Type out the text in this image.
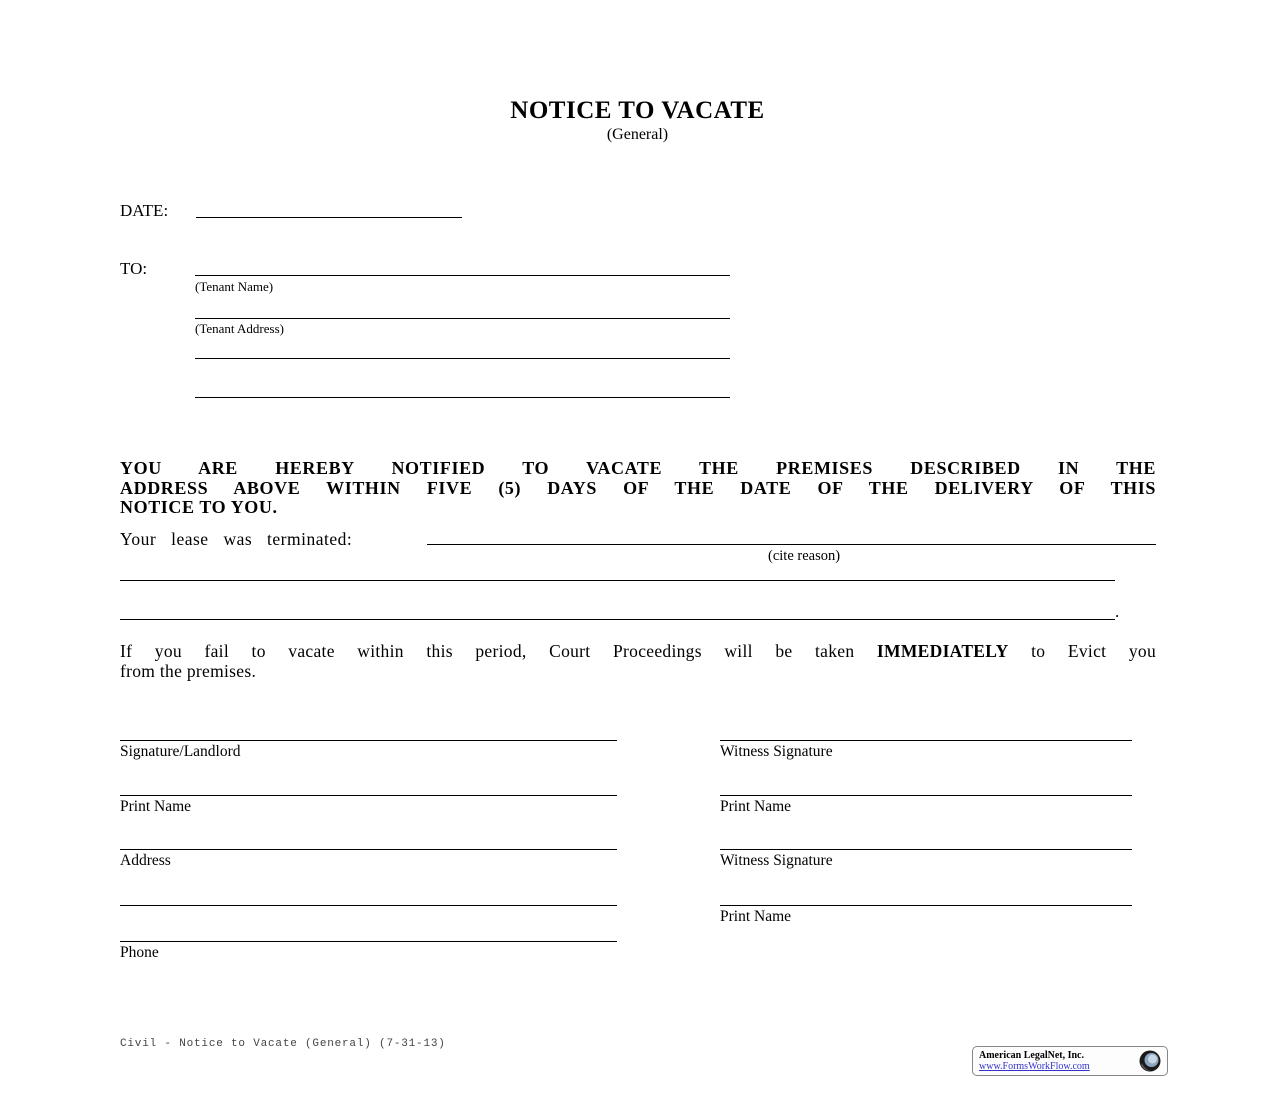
NOTICE TO VACATE
(General)
DATE:
TO:
(Tenant Name)
(Tenant Address)
YOU ARE HEREBY NOTIFIED TO VACATE THE PREMISES DESCRIBED IN THE
ADDRESS ABOVE WITHIN FIVE (5) DAYS OF THE DATE OF THE DELIVERY OF THIS
NOTICE TO YOU.
Your lease was terminated:
(cite reason)
.
If you fail to vacate within this period, Court Proceedings will be taken IMMEDIATELY to Evict you
from the premises.
Signature/Landlord
Print Name
Address
Phone
Witness Signature
Print Name
Witness Signature
Print Name
Civil - Notice to Vacate (General) (7-31-13)
American LegalNet, Inc.
www.FormsWorkFlow.com
